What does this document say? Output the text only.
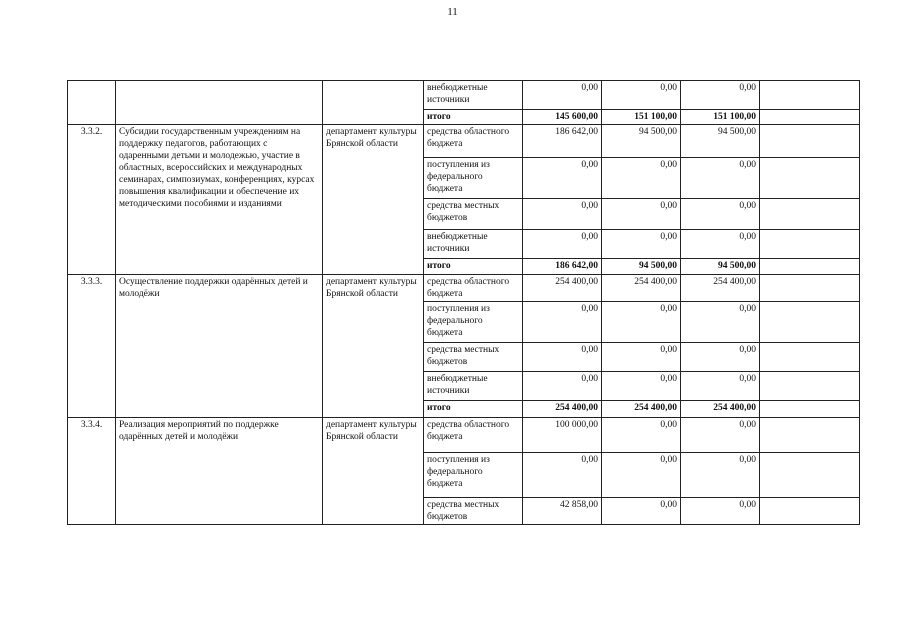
11
			внебюджетные источники	0,00	0,00	0,00	
			итого	145 600,00	151 100,00	151 100,00	
3.3.2.	Субсидии государственным учреждениям на поддержку педагогов, работающих с одаренными детьми и молодежью, участие в областных, всероссийских и международных семинарах, симпозиумах, конференциях, курсах повышения квалификации и обеспечение их методическими пособиями и изданиями	департамент культуры Брянской области	средства областного бюджета	186 642,00	94 500,00	94 500,00	
			поступления из федерального бюджета	0,00	0,00	0,00	
			средства местных бюджетов	0,00	0,00	0,00	
			внебюджетные источники	0,00	0,00	0,00	
			итого	186 642,00	94 500,00	94 500,00	
3.3.3.	Осуществление поддержки одарённых детей и молодёжи	департамент культуры Брянской области	средства областного бюджета	254 400,00	254 400,00	254 400,00	
			поступления из федерального бюджета	0,00	0,00	0,00	
			средства местных бюджетов	0,00	0,00	0,00	
			внебюджетные источники	0,00	0,00	0,00	
			итого	254 400,00	254 400,00	254 400,00	
3.3.4.	Реализация мероприятий по поддержке одарённых детей и молодёжи	департамент культуры Брянской области	средства областного бюджета	100 000,00	0,00	0,00	
			поступления из федерального бюджета	0,00	0,00	0,00	
			средства местных бюджетов	42 858,00	0,00	0,00	
